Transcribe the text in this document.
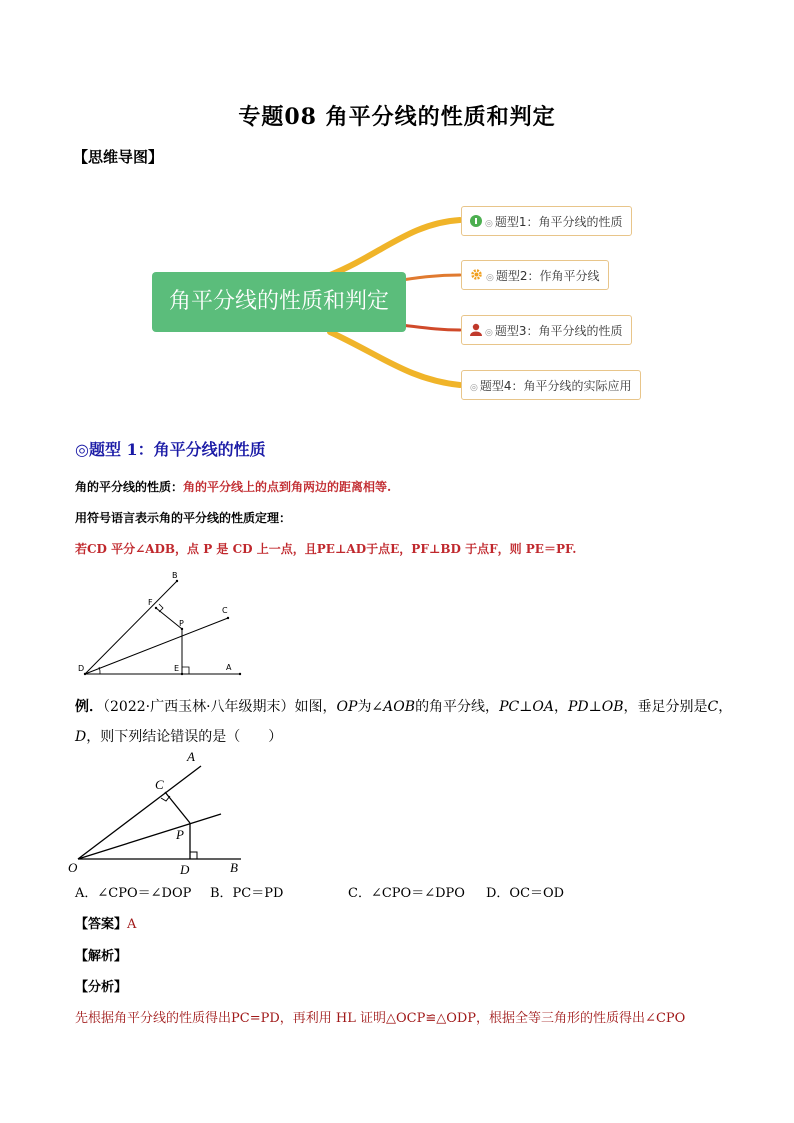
专题08 角平分线的性质和判定
【思维导图】
角平分线的性质和判定
◎ 题型1：角平分线的性质
◎ 题型2：作角平分线
◎ 题型3：角平分线的性质
◎ 题型4：角平分线的实际应用
◎题型 1：角平分线的性质
角的平分线的性质：角的平分线上的点到角两边的距离相等.
用符号语言表示角的平分线的性质定理：
若CD 平分∠ADB，点 P 是 CD 上一点，且PE⊥AD于点E，PF⊥BD 于点F，则 PE＝PF.
B
F
C
P
D	E	A
例．（2022·广西玉林·八年级期末）如图，OP为∠AOB的角平分线，PC⊥OA，PD⊥OB，垂足分别是C，
D，则下列结论错误的是（　　）
A
C
P
O	D	B
A．∠CPO＝∠DOP B．PC＝PD	C．∠CPO＝∠DPO D．OC＝OD
【答案】A
【解析】
【分析】
先根据角平分线的性质得出PC=PD，再利用 HL 证明△OCP≌△ODP，根据全等三角形的性质得出∠CPO
